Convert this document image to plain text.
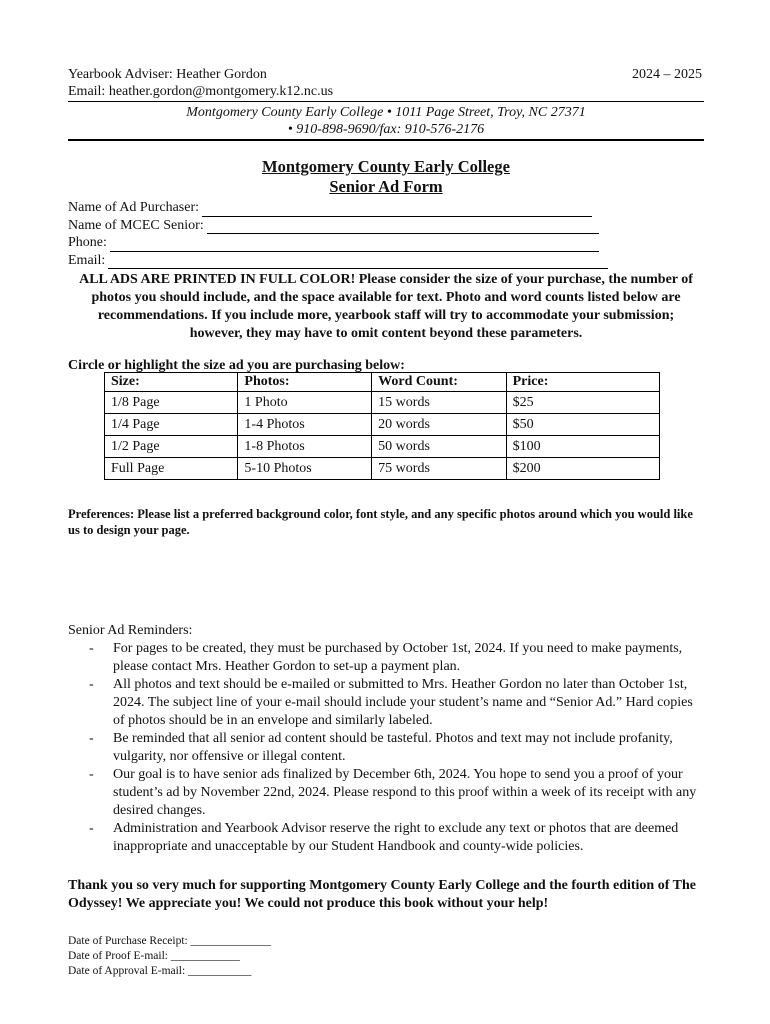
Yearbook Adviser: Heather Gordon
Email: heather.gordon@montgomery.k12.nc.us
2024 – 2025
Montgomery County Early College • 1011 Page Street, Troy, NC 27371
• 910-898-9690/fax: 910-576-2176
Montgomery County Early College
Senior Ad Form
Name of Ad Purchaser:
Name of MCEC Senior:
Phone:
Email:
ALL ADS ARE PRINTED IN FULL COLOR! Please consider the size of your purchase, the number of photos you should include, and the space available for text. Photo and word counts listed below are recommendations. If you include more, yearbook staff will try to accommodate your submission; however, they may have to omit content beyond these parameters.
Circle or highlight the size ad you are purchasing below:
Size:	Photos:	Word Count:	Price:
1/8 Page	1 Photo	15 words	$25
1/4 Page	1-4 Photos	20 words	$50
1/2 Page	1-8 Photos	50 words	$100
Full Page	5-10 Photos	75 words	$200
Preferences: Please list a preferred background color, font style, and any specific photos around which you would like us to design your page.
Senior Ad Reminders:
- For pages to be created, they must be purchased by October 1st, 2024. If you need to make payments, please contact Mrs. Heather Gordon to set-up a payment plan.
- All photos and text should be e-mailed or submitted to Mrs. Heather Gordon no later than October 1st, 2024. The subject line of your e-mail should include your student’s name and “Senior Ad.” Hard copies of photos should be in an envelope and similarly labeled.
- Be reminded that all senior ad content should be tasteful. Photos and text may not include profanity, vulgarity, nor offensive or illegal content.
- Our goal is to have senior ads finalized by December 6th, 2024. You hope to send you a proof of your student’s ad by November 22nd, 2024. Please respond to this proof within a week of its receipt with any desired changes.
- Administration and Yearbook Advisor reserve the right to exclude any text or photos that are deemed inappropriate and unacceptable by our Student Handbook and county-wide policies.
Thank you so very much for supporting Montgomery County Early College and the fourth edition of The Odyssey! We appreciate you! We could not produce this book without your help!
Date of Purchase Receipt: ______________
Date of Proof E-mail: ____________
Date of Approval E-mail: ___________
